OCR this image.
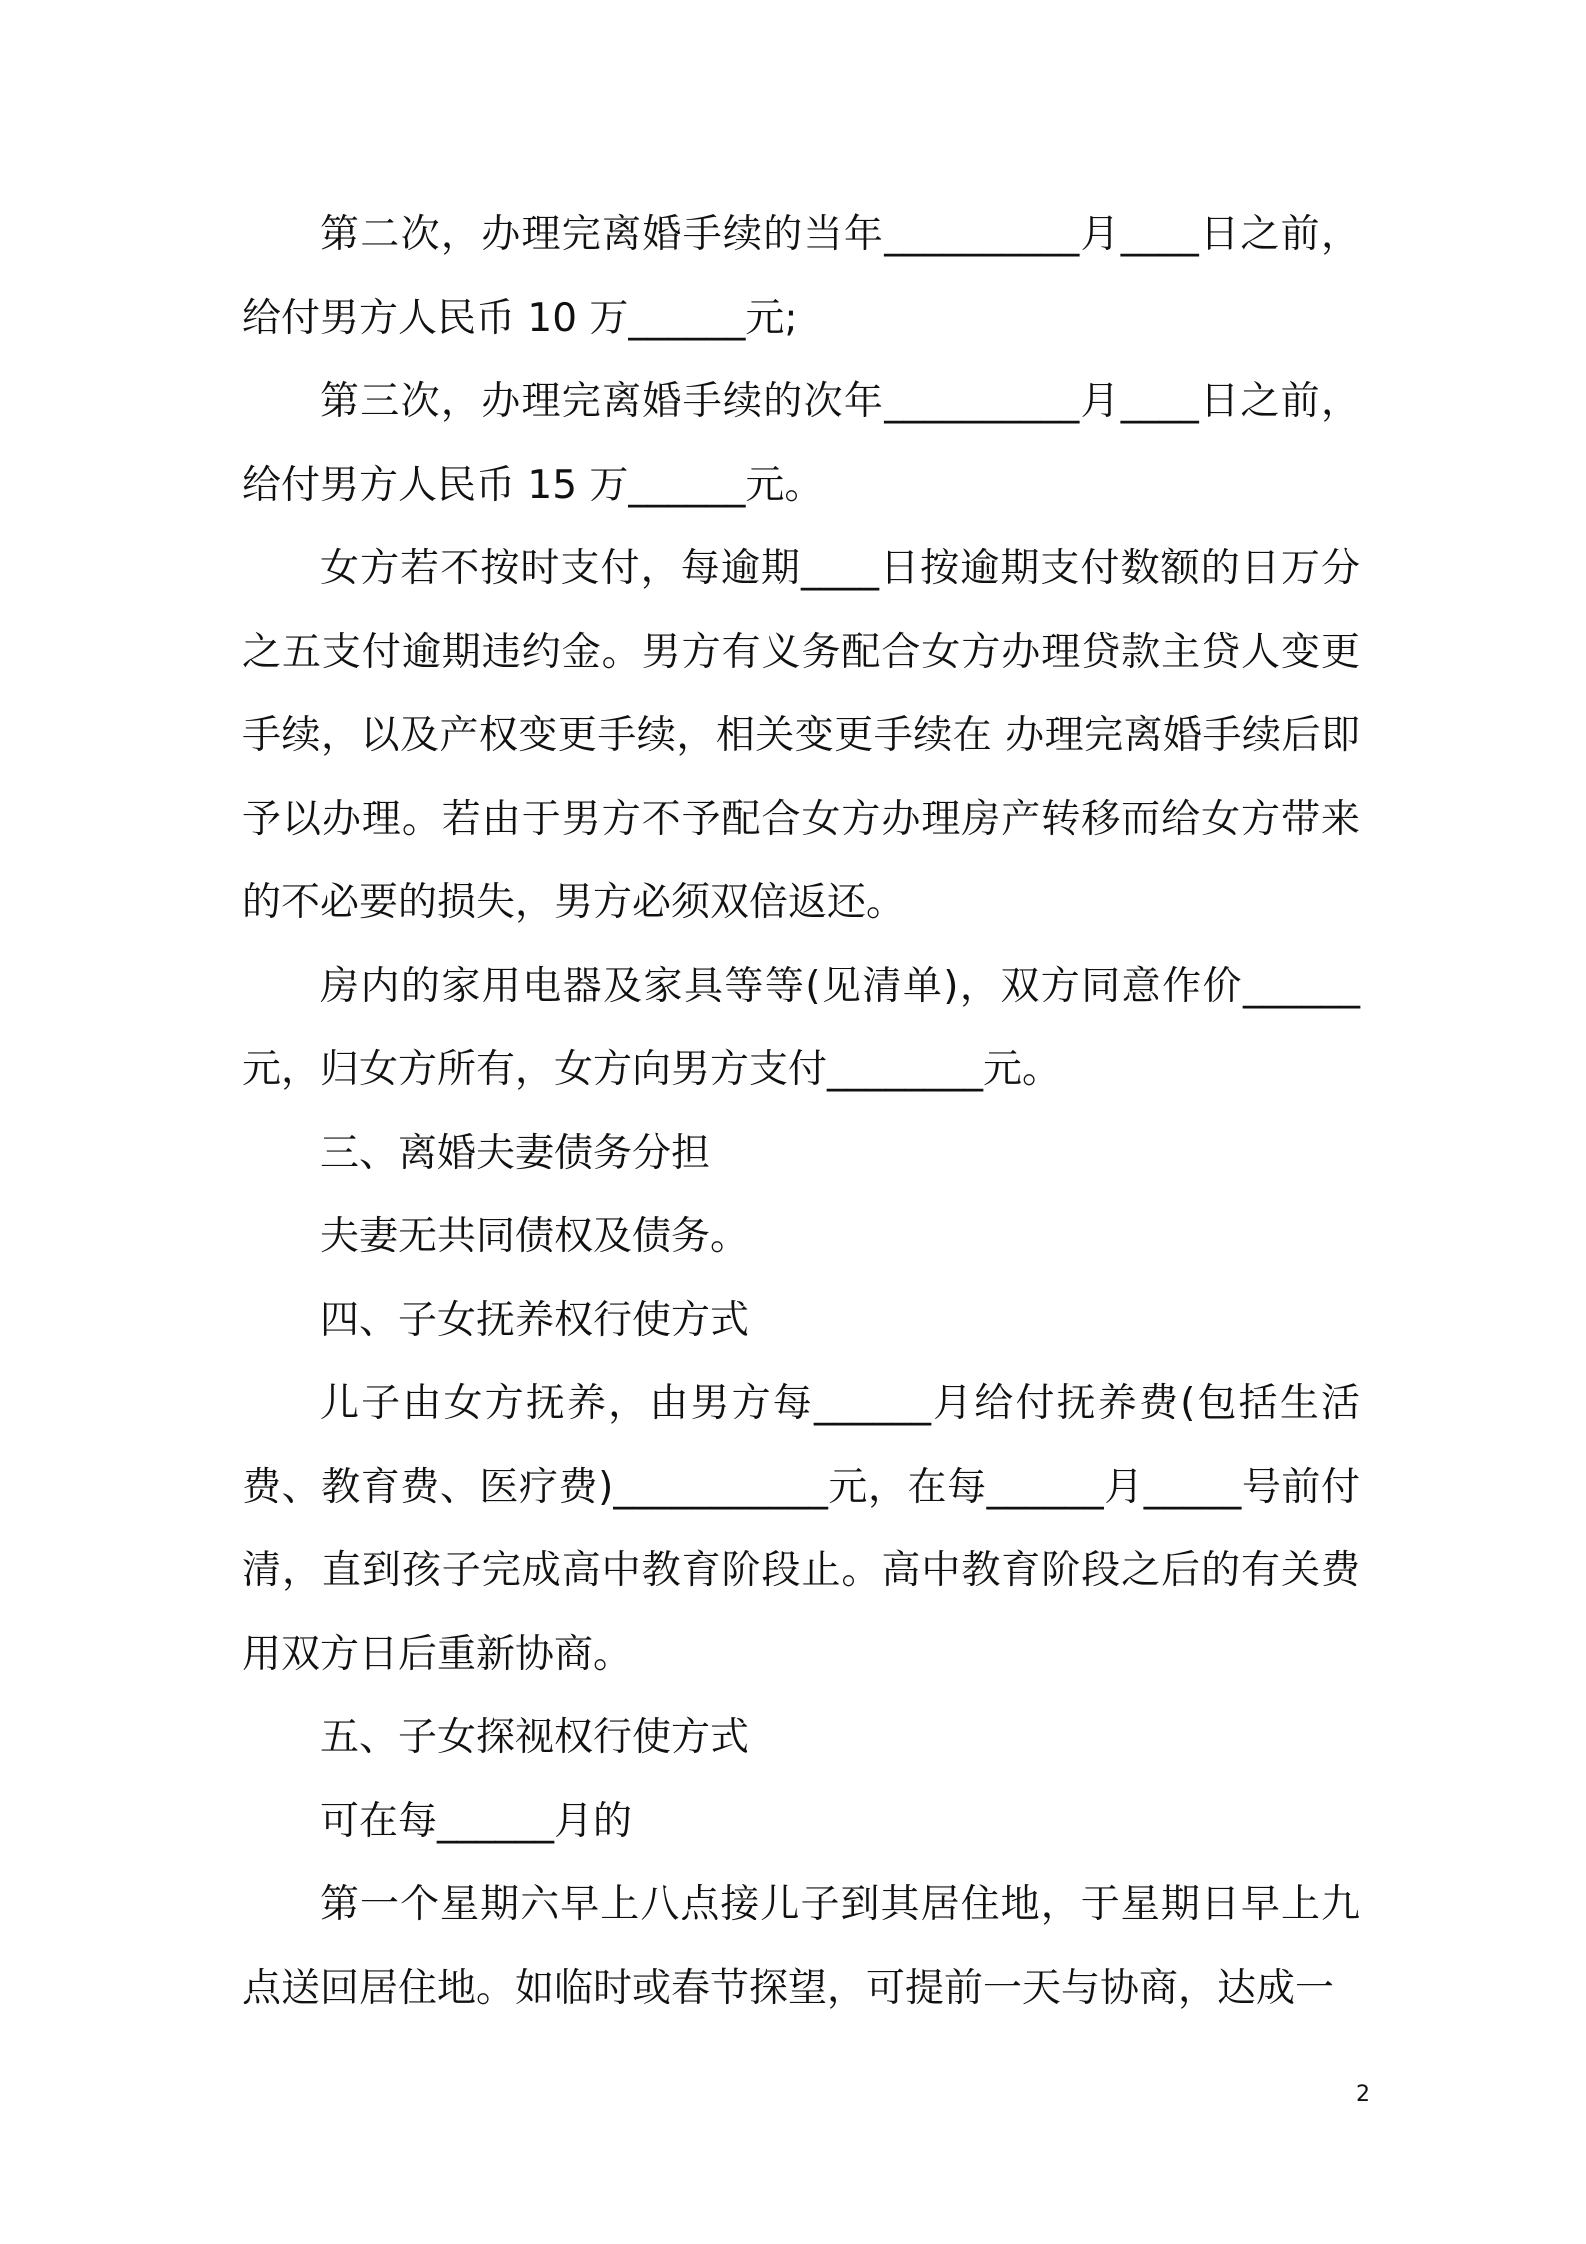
第二次，办理完离婚手续的当年__________月____日之前，给付男方人民币 10 万______元;

第三次，办理完离婚手续的次年__________月____日之前，给付男方人民币 15 万______元。

女方若不按时支付，每逾期____日按逾期支付数额的日万分之五支付逾期违约金。男方有义务配合女方办理贷款主贷人变更手续，以及产权变更手续，相关变更手续在 办理完离婚手续后即予以办理。若由于男方不予配合女方办理房产转移而给女方带来的不必要的损失，男方必须双倍返还。

房内的家用电器及家具等等(见清单)，双方同意作价______元，归女方所有，女方向男方支付________元。

三、离婚夫妻债务分担

夫妻无共同债权及债务。

四、子女抚养权行使方式

儿子由女方抚养，由男方每______月给付抚养费(包括生活费、教育费、医疗费)___________元，在每______月_____号前付清，直到孩子完成高中教育阶段止。高中教育阶段之后的有关费用双方日后重新协商。

五、子女探视权行使方式

可在每______月的

第一个星期六早上八点接儿子到其居住地，于星期日早上九点送回居住地。如临时或春节探望，可提前一天与协商，达成一

2
